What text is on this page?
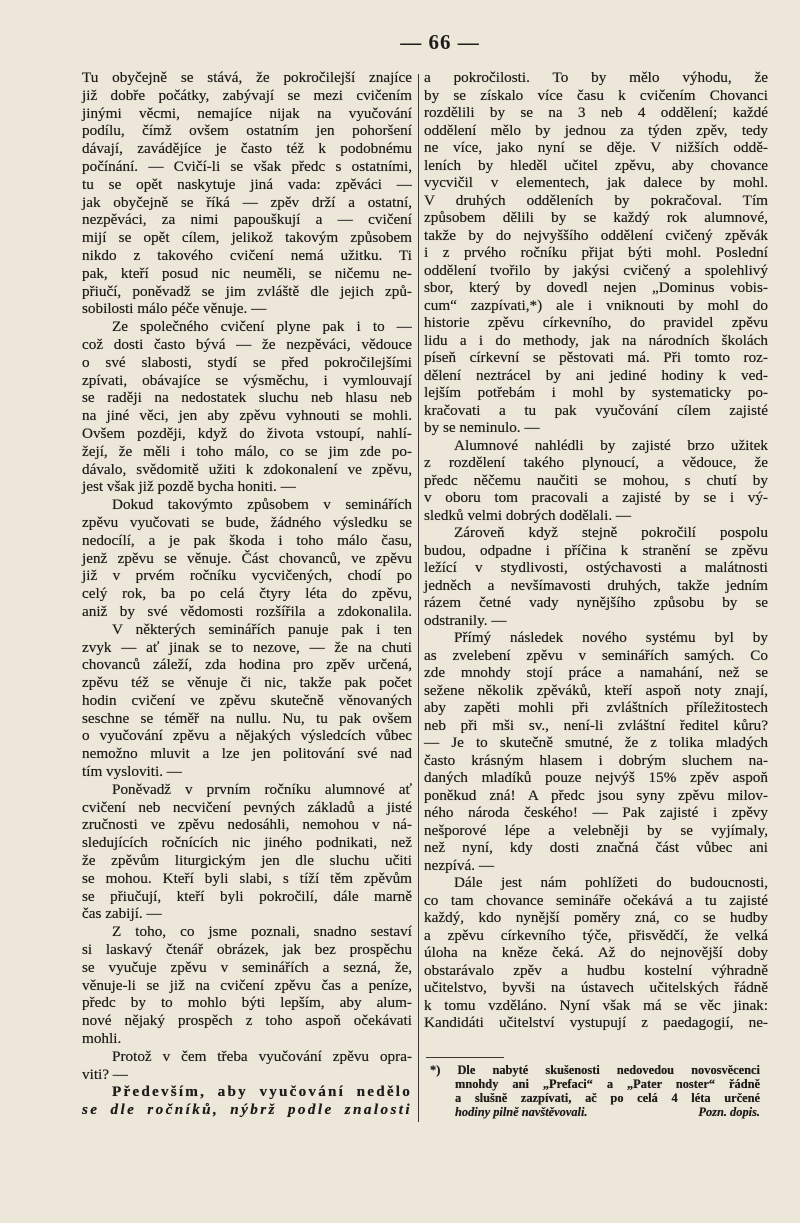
— 66 —
Tu obyčejně se stává, že pokročilejší znajíce
již dobře počátky, zabývají se mezi cvičením
jinými věcmi, nemajíce nijak na vyučování
podílu, čímž ovšem ostatním jen pohoršení
dávají, zavádějíce je často též k podobnému
počínání. — Cvičí-li se však předc s ostatními,
tu se opět naskytuje jiná vada: zpěváci —
jak obyčejně se říká — zpěv drží a ostatní,
nezpěváci, za nimi papouškují a — cvičení
mijí se opět cílem, jelikož takovým způsobem
nikdo z takového cvičení nemá užitku. Ti
pak, kteří posud nic neuměli, se ničemu ne-
přiučí, poněvadž se jim zvláště dle jejich způ-
sobilosti málo péče věnuje. —
Ze společného cvičení plyne pak i to —
což dosti často bývá — že nezpěváci, vědouce
o své slabosti, stydí se před pokročilejšími
zpívati, obávajíce se výsměchu, i vymlouvají
se raději na nedostatek sluchu neb hlasu neb
na jiné věci, jen aby zpěvu vyhnouti se mohli.
Ovšem později, když do života vstoupí, nahlí-
žejí, že měli i toho málo, co se jim zde po-
dávalo, svědomitě užiti k zdokonalení ve zpěvu,
jest však již pozdě bycha honiti. —
Dokud takovýmto způsobem v seminářích
zpěvu vyučovati se bude, žádného výsledku se
nedocílí, a je pak škoda i toho málo času,
jenž zpěvu se věnuje. Část chovanců, ve zpěvu
již v prvém ročníku vycvičených, chodí po
celý rok, ba po celá čtyry léta do zpěvu,
aniž by své vědomosti rozšířila a zdokonalila.
V některých seminářích panuje pak i ten
zvyk — ať jinak se to nezove, — že na chuti
chovanců záleží, zda hodina pro zpěv určená,
zpěvu též se věnuje či nic, takže pak počet
hodin cvičení ve zpěvu skutečně věnovaných
seschne se téměř na nullu. Nu, tu pak ovšem
o vyučování zpěvu a nějakých výsledcích vůbec
nemožno mluvit a lze jen politování své nad
tím vysloviti. —
Poněvadž v prvním ročníku alumnové ať
cvičení neb necvičení pevných základů a jisté
zručnosti ve zpěvu nedosáhli, nemohou v ná-
sledujících ročnících nic jiného podnikati, než
že zpěvům liturgickým jen dle sluchu učiti
se mohou. Kteří byli slabi, s tíží těm zpěvům
se přiučují, kteří byli pokročilí, dále marně
čas zabijí. —
Z toho, co jsme poznali, snadno sestaví
si laskavý čtenář obrázek, jak bez prospěchu
se vyučuje zpěvu v seminářích a sezná, že,
věnuje-li se již na cvičení zpěvu čas a peníze,
předc by to mohlo býti lepším, aby alum-
nové nějaký prospěch z toho aspoň očekávati
mohli.
Protož v čem třeba vyučování zpěvu opra-
viti? —
Především, aby vyučování nedělo
se dle ročníků, nýbrž podle znalosti
a pokročilosti. To by mělo výhodu, že
by se získalo více času k cvičením Chovanci
rozdělili by se na 3 neb 4 oddělení; každé
oddělení mělo by jednou za týden zpěv, tedy
ne více, jako nyní se děje. V nižších oddě-
leních by hleděl učitel zpěvu, aby chovance
vycvičil v elementech, jak dalece by mohl.
V druhých odděleních by pokračoval. Tím
způsobem dělili by se každý rok alumnové,
takže by do nejvyššího oddělení cvičený zpěvák
i z prvého ročníku přijat býti mohl. Poslední
oddělení tvořilo by jakýsi cvičený a spolehlivý
sbor, který by dovedl nejen „Dominus vobis-
cum“ zazpívati,*) ale i vniknouti by mohl do
historie zpěvu církevního, do pravidel zpěvu
lidu a i do methody, jak na národních školách
píseň církevní se pěstovati má. Při tomto roz-
dělení neztrácel by ani jediné hodiny k ved-
lejším potřebám i mohl by systematicky po-
kračovati a tu pak vyučování cílem zajisté
by se neminulo. —
Alumnové nahlédli by zajisté brzo užitek
z rozdělení takého plynoucí, a vědouce, že
předc něčemu naučiti se mohou, s chutí by
v oboru tom pracovali a zajisté by se i vý-
sledků velmi dobrých dodělali. —
Zároveň když stejně pokročilí pospolu
budou, odpadne i příčina k stranění se zpěvu
ležící v stydlivosti, ostýchavosti a malátnosti
jedněch a nevšímavosti druhých, takže jedním
rázem četné vady nynějšího způsobu by se
odstranily. —
Přímý následek nového systému byl by
as zvelebení zpěvu v seminářích samých. Co
zde mnohdy stojí práce a namahání, než se
sežene několik zpěváků, kteří aspoň noty znají,
aby zapěti mohli při zvláštních příležitostech
neb při mši sv., není-li zvláštní ředitel kůru?
— Je to skutečně smutné, že z tolika mladých
často krásným hlasem i dobrým sluchem na-
daných mladíků pouze nejvýš 15% zpěv aspoň
poněkud zná! A předc jsou syny zpěvu milov-
ného národa českého! — Pak zajisté i zpěvy
nešporové lépe a velebněji by se vyjímaly,
než nyní, kdy dosti značná část vůbec ani
nezpívá. —
Dále jest nám pohlížeti do budoucnosti,
co tam chovance semináře očekává a tu zajisté
každý, kdo nynější poměry zná, co se hudby
a zpěvu církevního týče, přisvědčí, že velká
úloha na kněze čeká. Až do nejnovější doby
obstarávalo zpěv a hudbu kostelní výhradně
učitelstvo, byvši na ústavech učitelských řádně
k tomu vzděláno. Nyní však má se věc jinak:
Kandidáti učitelství vystupují z paedagogií, ne-
*) Dle nabyté skušenosti nedovedou novosvěcenci
mnohdy ani „Prefaci“ a „Pater noster“ řádně
a slušně zazpívati, ač po celá 4 léta určené
hodiny pilně navštěvovali.	Pozn. dopis.
